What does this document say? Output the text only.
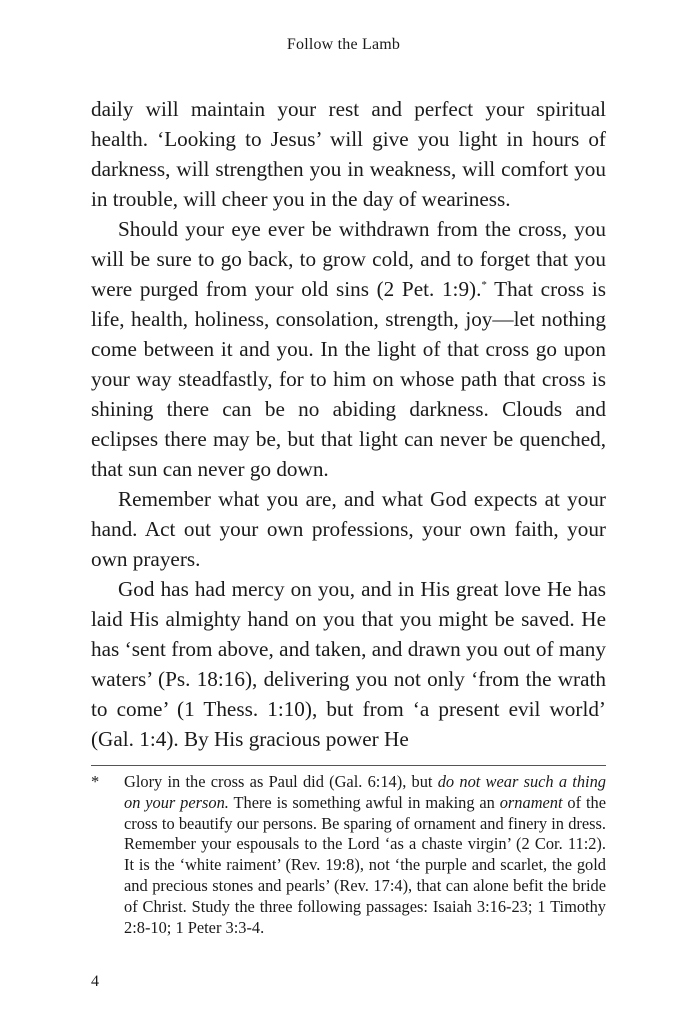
Follow the Lamb

daily will maintain your rest and perfect your spiritual health. ‘Looking to Jesus’ will give you light in hours of darkness, will strengthen you in weakness, will comfort you in trouble, will cheer you in the day of weariness.

Should your eye ever be withdrawn from the cross, you will be sure to go back, to grow cold, and to forget that you were purged from your old sins (2 Pet. 1:9).* That cross is life, health, holiness, consolation, strength, joy—let nothing come between it and you. In the light of that cross go upon your way steadfastly, for to him on whose path that cross is shining there can be no abiding darkness. Clouds and eclipses there may be, but that light can never be quenched, that sun can never go down.

Remember what you are, and what God expects at your hand. Act out your own professions, your own faith, your own prayers.

God has had mercy on you, and in His great love He has laid His almighty hand on you that you might be saved. He has ‘sent from above, and taken, and drawn you out of many waters’ (Ps. 18:16), delivering you not only ‘from the wrath to come’ (1 Thess. 1:10), but from ‘a present evil world’ (Gal. 1:4). By His gracious power He

*	Glory in the cross as Paul did (Gal. 6:14), but do not wear such a thing on your person. There is something awful in making an ornament of the cross to beautify our persons. Be sparing of ornament and finery in dress. Remember your espousals to the Lord ‘as a chaste virgin’ (2 Cor. 11:2). It is the ‘white raiment’ (Rev. 19:8), not ‘the purple and scarlet, the gold and precious stones and pearls’ (Rev. 17:4), that can alone befit the bride of Christ. Study the three following passages: Isaiah 3:16-23; 1 Timothy 2:8-10; 1 Peter 3:3-4.
4
